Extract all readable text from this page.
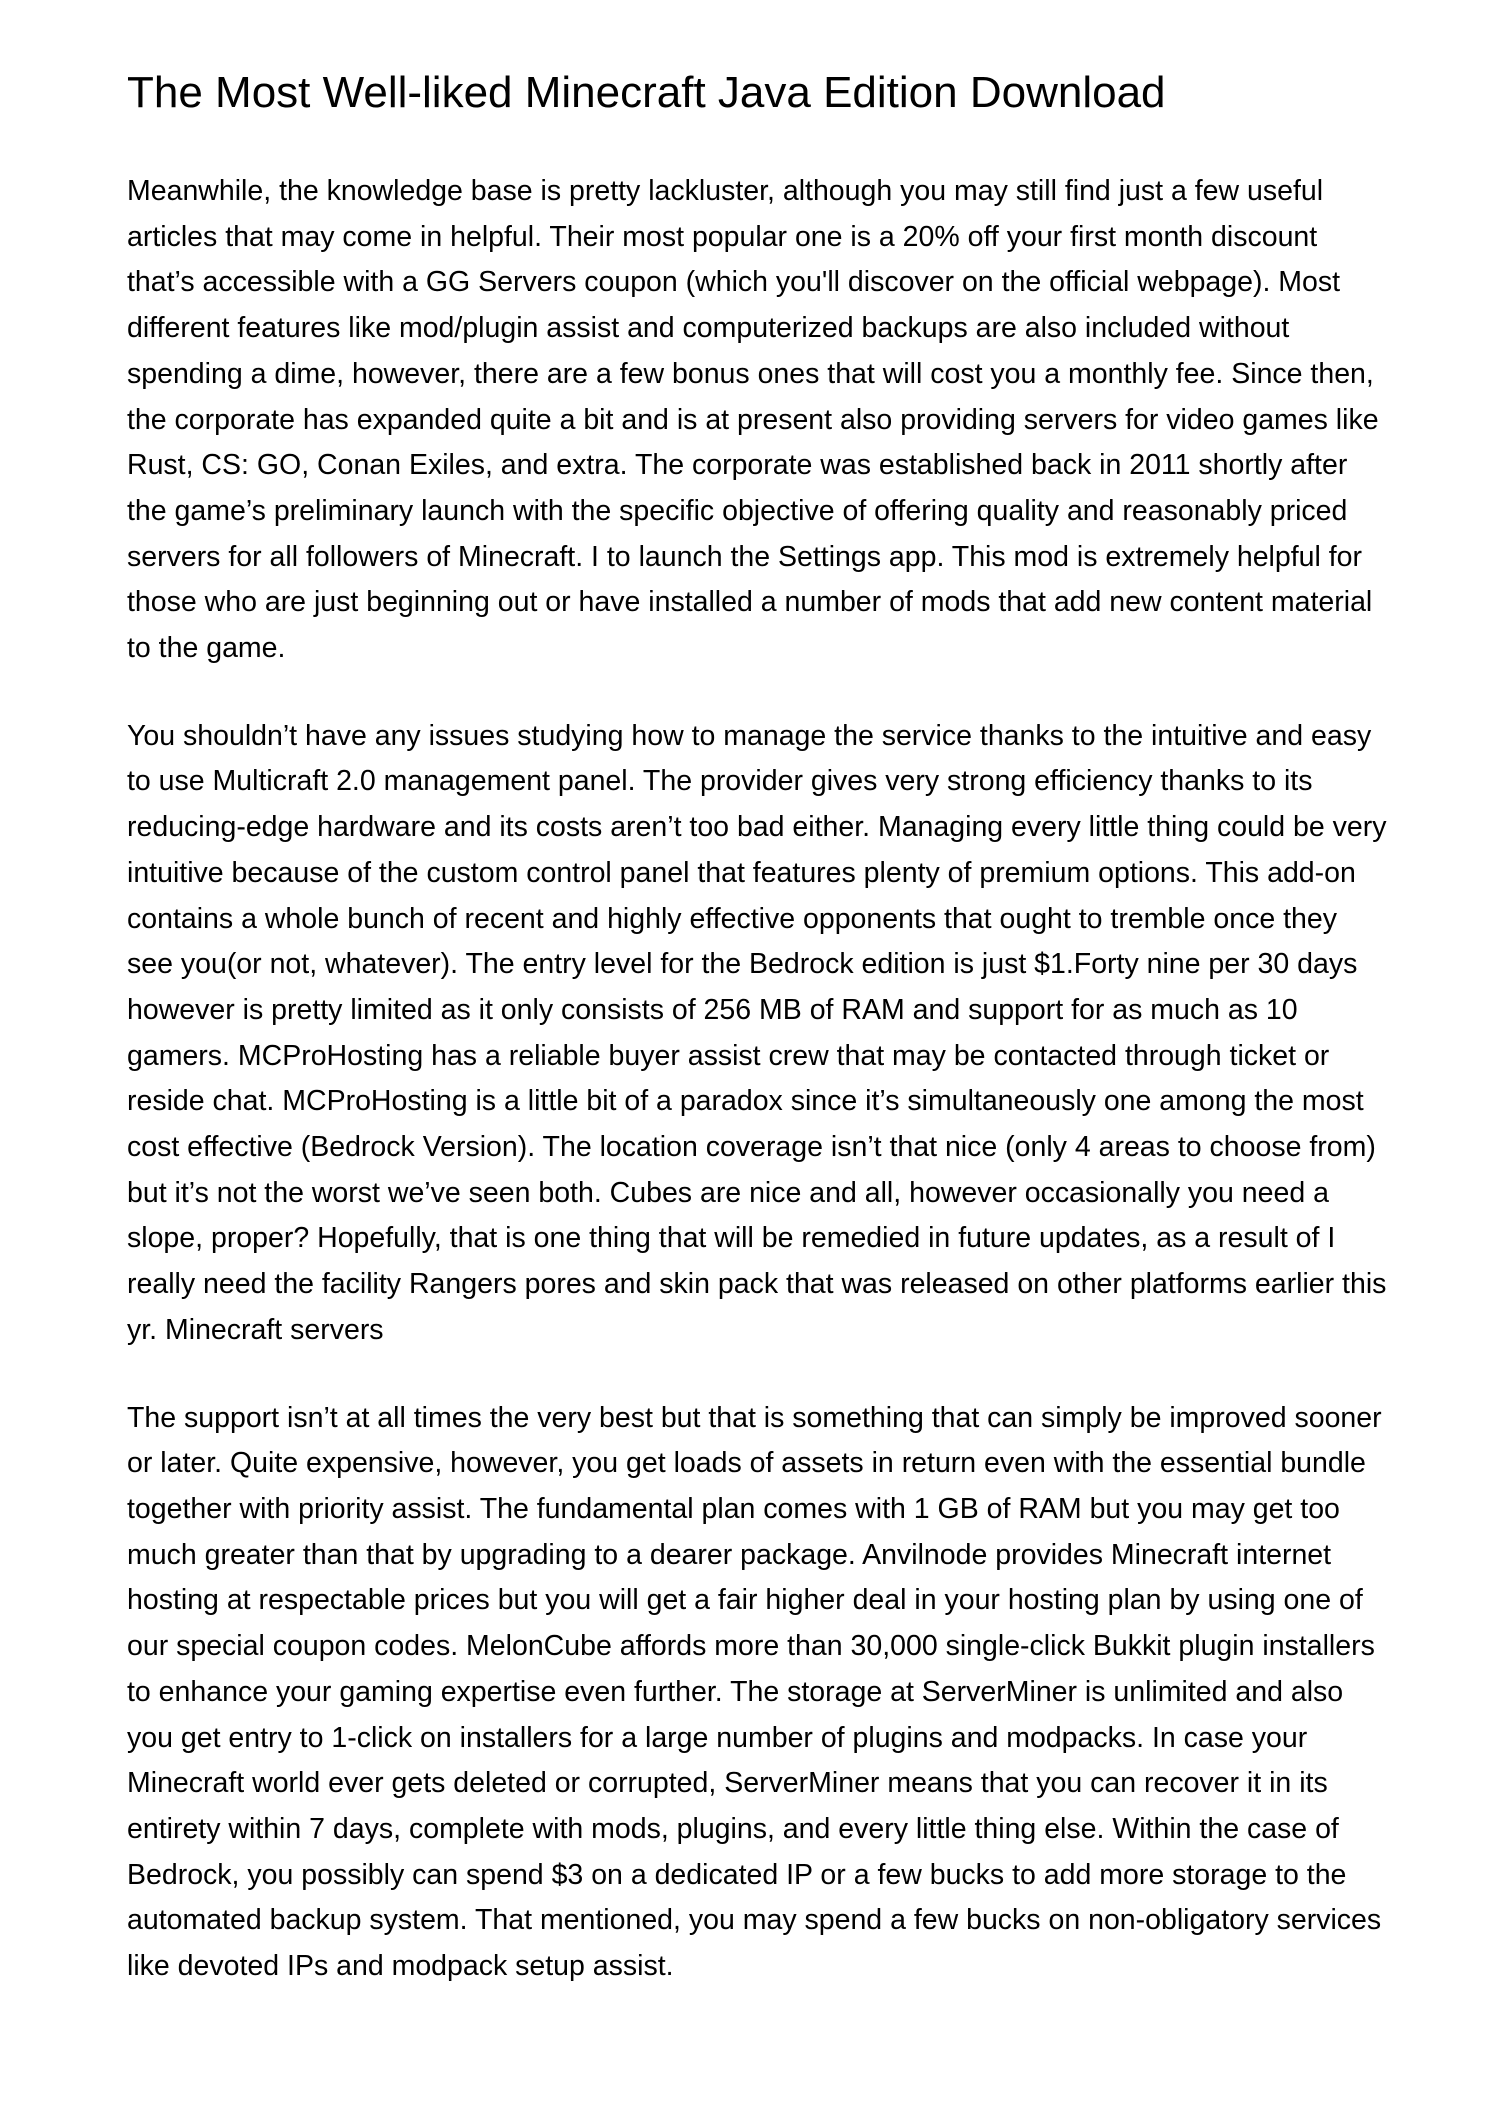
The Most Well-liked Minecraft Java Edition Download

Meanwhile, the knowledge base is pretty lackluster, although you may still find just a few useful articles that may come in helpful. Their most popular one is a 20% off your first month discount that’s accessible with a GG Servers coupon (which you'll discover on the official webpage). Most different features like mod/plugin assist and computerized backups are also included without spending a dime, however, there are a few bonus ones that will cost you a monthly fee. Since then, the corporate has expanded quite a bit and is at present also providing servers for video games like Rust, CS: GO, Conan Exiles, and extra. The corporate was established back in 2011 shortly after the game’s preliminary launch with the specific objective of offering quality and reasonably priced servers for all followers of Minecraft. I to launch the Settings app. This mod is extremely helpful for those who are just beginning out or have installed a number of mods that add new content material to the game.

You shouldn’t have any issues studying how to manage the service thanks to the intuitive and easy to use Multicraft 2.0 management panel. The provider gives very strong efficiency thanks to its reducing-edge hardware and its costs aren’t too bad either. Managing every little thing could be very intuitive because of the custom control panel that features plenty of premium options. This add-on contains a whole bunch of recent and highly effective opponents that ought to tremble once they see you(or not, whatever). The entry level for the Bedrock edition is just $1.Forty nine per 30 days however is pretty limited as it only consists of 256 MB of RAM and support for as much as 10 gamers. MCProHosting has a reliable buyer assist crew that may be contacted through ticket or reside chat. MCProHosting is a little bit of a paradox since it’s simultaneously one among the most cost effective (Bedrock Version). The location coverage isn’t that nice (only 4 areas to choose from) but it’s not the worst we’ve seen both. Cubes are nice and all, however occasionally you need a slope, proper? Hopefully, that is one thing that will be remedied in future updates, as a result of I really need the facility Rangers pores and skin pack that was released on other platforms earlier this yr. Minecraft servers

The support isn’t at all times the very best but that is something that can simply be improved sooner or later. Quite expensive, however, you get loads of assets in return even with the essential bundle together with priority assist. The fundamental plan comes with 1 GB of RAM but you may get too much greater than that by upgrading to a dearer package. Anvilnode provides Minecraft internet hosting at respectable prices but you will get a fair higher deal in your hosting plan by using one of our special coupon codes. MelonCube affords more than 30,000 single-click Bukkit plugin installers to enhance your gaming expertise even further. The storage at ServerMiner is unlimited and also you get entry to 1-click on installers for a large number of plugins and modpacks. In case your Minecraft world ever gets deleted or corrupted, ServerMiner means that you can recover it in its entirety within 7 days, complete with mods, plugins, and every little thing else. Within the case of Bedrock, you possibly can spend $3 on a dedicated IP or a few bucks to add more storage to the automated backup system. That mentioned, you may spend a few bucks on non-obligatory services like devoted IPs and modpack setup assist.
